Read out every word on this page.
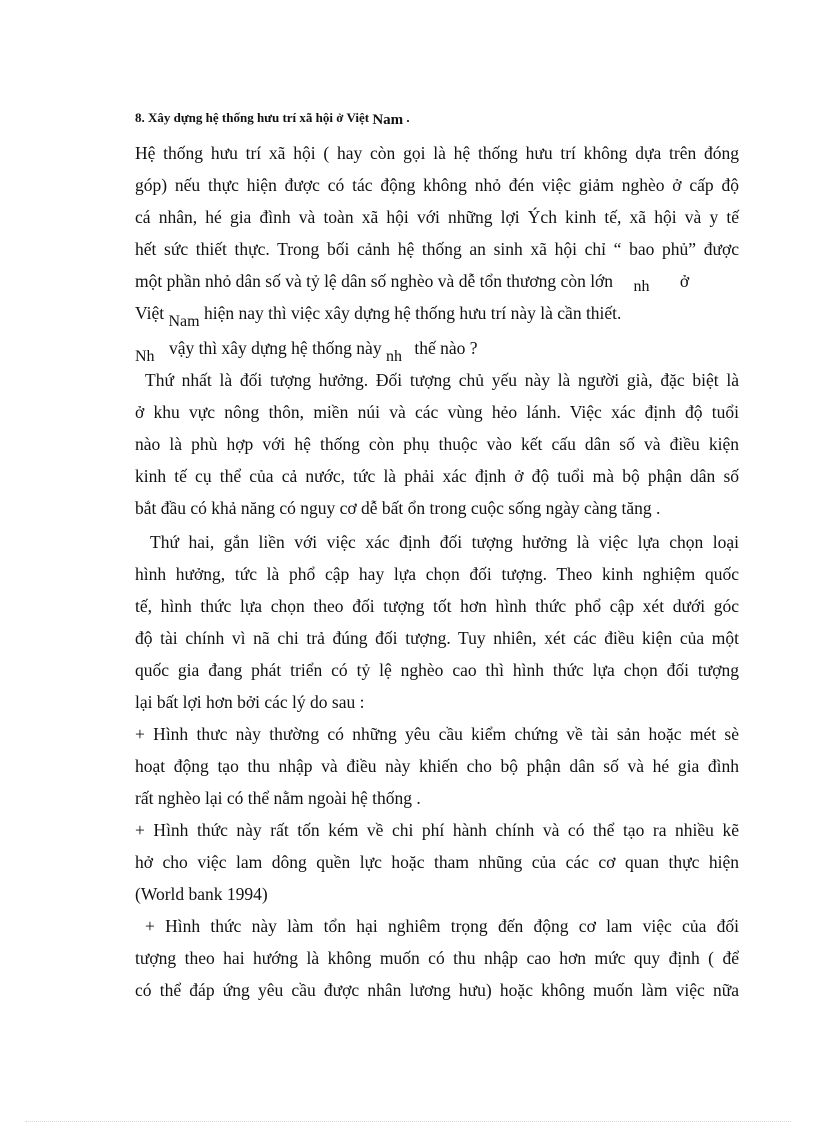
8. Xây dựng hệ thống hưu trí xã hội ở Việt Nam .
Hệ thống hưu trí xã hội ( hay còn gọi là hệ thống hưu trí không dựa trên đóng
góp) nếu thực hiện được có tác động không nhỏ đén việc giảm nghèo ở cấp độ
cá nhân, hé gia đình và toàn xã hội với những lợi Ých kinh tế, xã hội và y tế
hết sức thiết thực. Trong bối cảnh hệ thống an sinh xã hội chỉ “ bao phủ” được
một phần nhỏ dân số và tỷ lệ dân số nghèo và dễ tổn thương còn lớn nh ở
Việt Nam hiện nay thì việc xây dựng hệ thống hưu trí này là cần thiết.
Nh vậy thì xây dựng hệ thống này nh thế nào ?
Thứ nhất là đối tượng hưởng. Đối tượng chủ yếu này là người già, đặc biệt là
ở khu vực nông thôn, miền núi và các vùng hẻo lánh. Việc xác định độ tuổi
nào là phù hợp với hệ thống còn phụ thuộc vào kết cấu dân số và điều kiện
kinh tế cụ thể của cả nước, tức là phải xác định ở độ tuổi mà bộ phận dân số
bắt đầu có khả năng có nguy cơ dễ bất ổn trong cuộc sống ngày càng tăng .
Thứ hai, gắn liền với việc xác định đối tượng hưởng là việc lựa chọn loại
hình hưởng, tức là phổ cập hay lựa chọn đối tượng. Theo kinh nghiệm quốc
tế, hình thức lựa chọn theo đối tượng tốt hơn hình thức phổ cập xét dưới góc
độ tài chính vì nã chi trả đúng đối tượng. Tuy nhiên, xét các điều kiện của một
quốc gia đang phát triển có tỷ lệ nghèo cao thì hình thức lựa chọn đối tượng
lại bất lợi hơn bởi các lý do sau :
+ Hình thưc này thường có những yêu cầu kiểm chứng về tài sản hoặc mét sè
hoạt động tạo thu nhập và điều này khiến cho bộ phận dân số và hé gia đình
rất nghèo lại có thể nằm ngoài hệ thống .
+ Hình thức này rất tốn kém về chi phí hành chính và có thể tạo ra nhiều kẽ
hở cho việc lam dông quền lực hoặc tham nhũng của các cơ quan thực hiện
(World bank 1994)
+ Hình thức này làm tổn hại nghiêm trọng đến động cơ lam việc của đối
tượng theo hai hướng là không muốn có thu nhập cao hơn mức quy định ( để
có thể đáp ứng yêu cầu được nhân lương hưu) hoặc không muốn làm việc nữa
